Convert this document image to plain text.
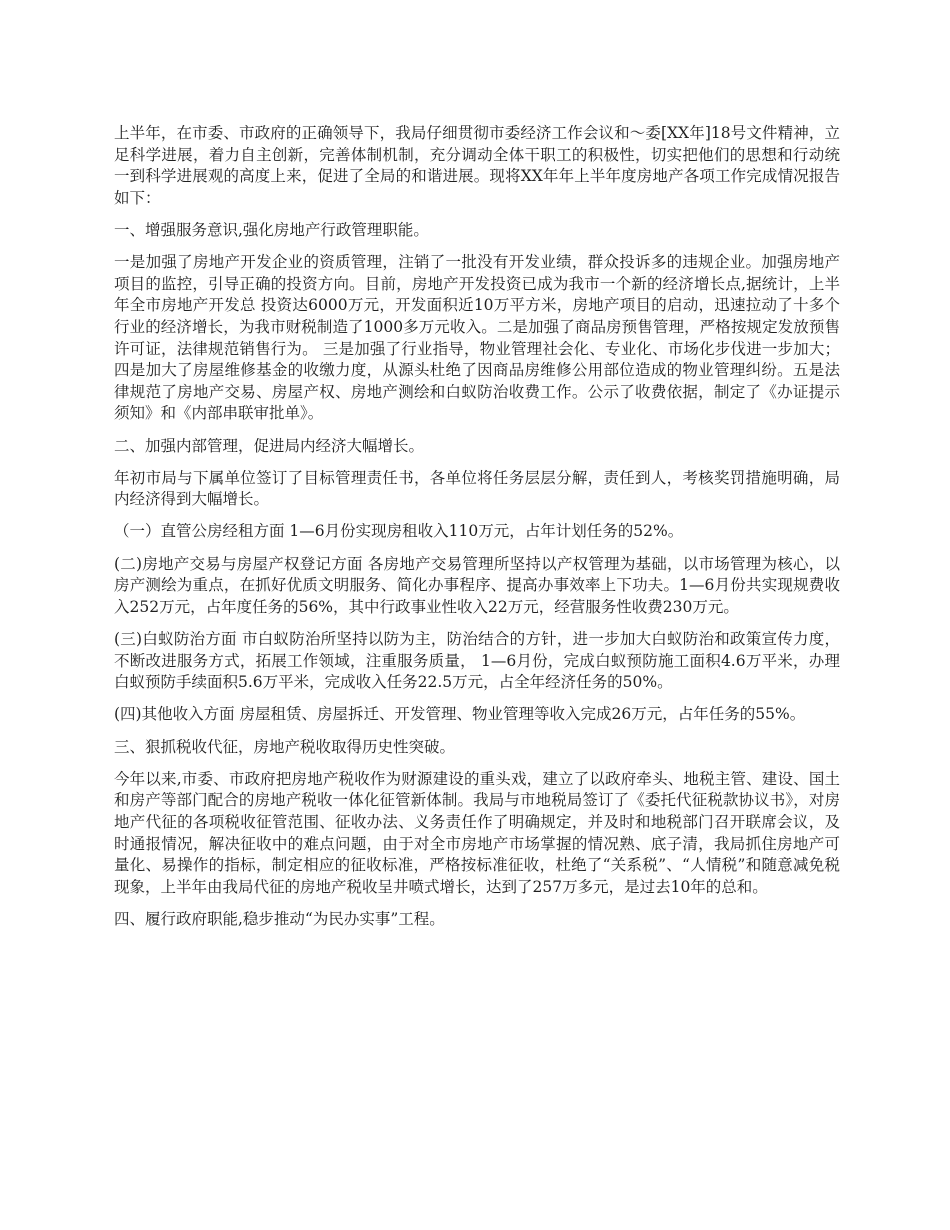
上半年，在市委、市政府的正确领导下，我局仔细贯彻市委经济工作会议和～委[XX年]18号文件精神，立足科学进展，着力自主创新，完善体制机制，充分调动全体干职工的积极性，切实把他们的思想和行动统一到科学进展观的高度上来，促进了全局的和谐进展。现将XX年年上半年度房地产各项工作完成情况报告如下：

一、增强服务意识,强化房地产行政管理职能。

一是加强了房地产开发企业的资质管理，注销了一批没有开发业绩，群众投诉多的违规企业。加强房地产项目的监控，引导正确的投资方向。目前，房地产开发投资已成为我市一个新的经济增长点,据统计，上半年全市房地产开发总 投资达6000万元，开发面积近10万平方米，房地产项目的启动，迅速拉动了十多个行业的经济增长，为我市财税制造了1000多万元收入。二是加强了商品房预售管理，严格按规定发放预售许可证，法律规范销售行为。 三是加强了行业指导，物业管理社会化、专业化、市场化步伐进一步加大；四是加大了房屋维修基金的收缴力度，从源头杜绝了因商品房维修公用部位造成的物业管理纠纷。五是法律规范了房地产交易、房屋产权、房地产测绘和白蚁防治收费工作。公示了收费依据，制定了《办证提示须知》和《内部串联审批单》。

二、加强内部管理，促进局内经济大幅增长。

年初市局与下属单位签订了目标管理责任书，各单位将任务层层分解，责任到人，考核奖罚措施明确，局内经济得到大幅增长。

（一）直管公房经租方面 1—6月份实现房租收入110万元，占年计划任务的52%。

(二)房地产交易与房屋产权登记方面 各房地产交易管理所坚持以产权管理为基础，以市场管理为核心，以房产测绘为重点，在抓好优质文明服务、简化办事程序、提高办事效率上下功夫。1—6月份共实现规费收入252万元，占年度任务的56%，其中行政事业性收入22万元，经营服务性收费230万元。

(三)白蚁防治方面 市白蚁防治所坚持以防为主，防治结合的方针，进一步加大白蚁防治和政策宣传力度，不断改进服务方式，拓展工作领域，注重服务质量， 1—6月份，完成白蚁预防施工面积4.6万平米，办理白蚁预防手续面积5.6万平米，完成收入任务22.5万元，占全年经济任务的50%。

(四)其他收入方面 房屋租赁、房屋拆迁、开发管理、物业管理等收入完成26万元，占年任务的55%。

三、狠抓税收代征，房地产税收取得历史性突破。

今年以来,市委、市政府把房地产税收作为财源建设的重头戏，建立了以政府牵头、地税主管、建设、国土和房产等部门配合的房地产税收一体化征管新体制。我局与市地税局签订了《委托代征税款协议书》，对房地产代征的各项税收征管范围、征收办法、义务责任作了明确规定，并及时和地税部门召开联席会议，及时通报情况，解决征收中的难点问题，由于对全市房地产市场掌握的情况熟、底子清，我局抓住房地产可量化、易操作的指标，制定相应的征收标准，严格按标准征收，杜绝了“关系税”、“人情税”和随意减免税现象，上半年由我局代征的房地产税收呈井喷式增长，达到了257万多元，是过去10年的总和。

四、履行政府职能,稳步推动“为民办实事”工程。
